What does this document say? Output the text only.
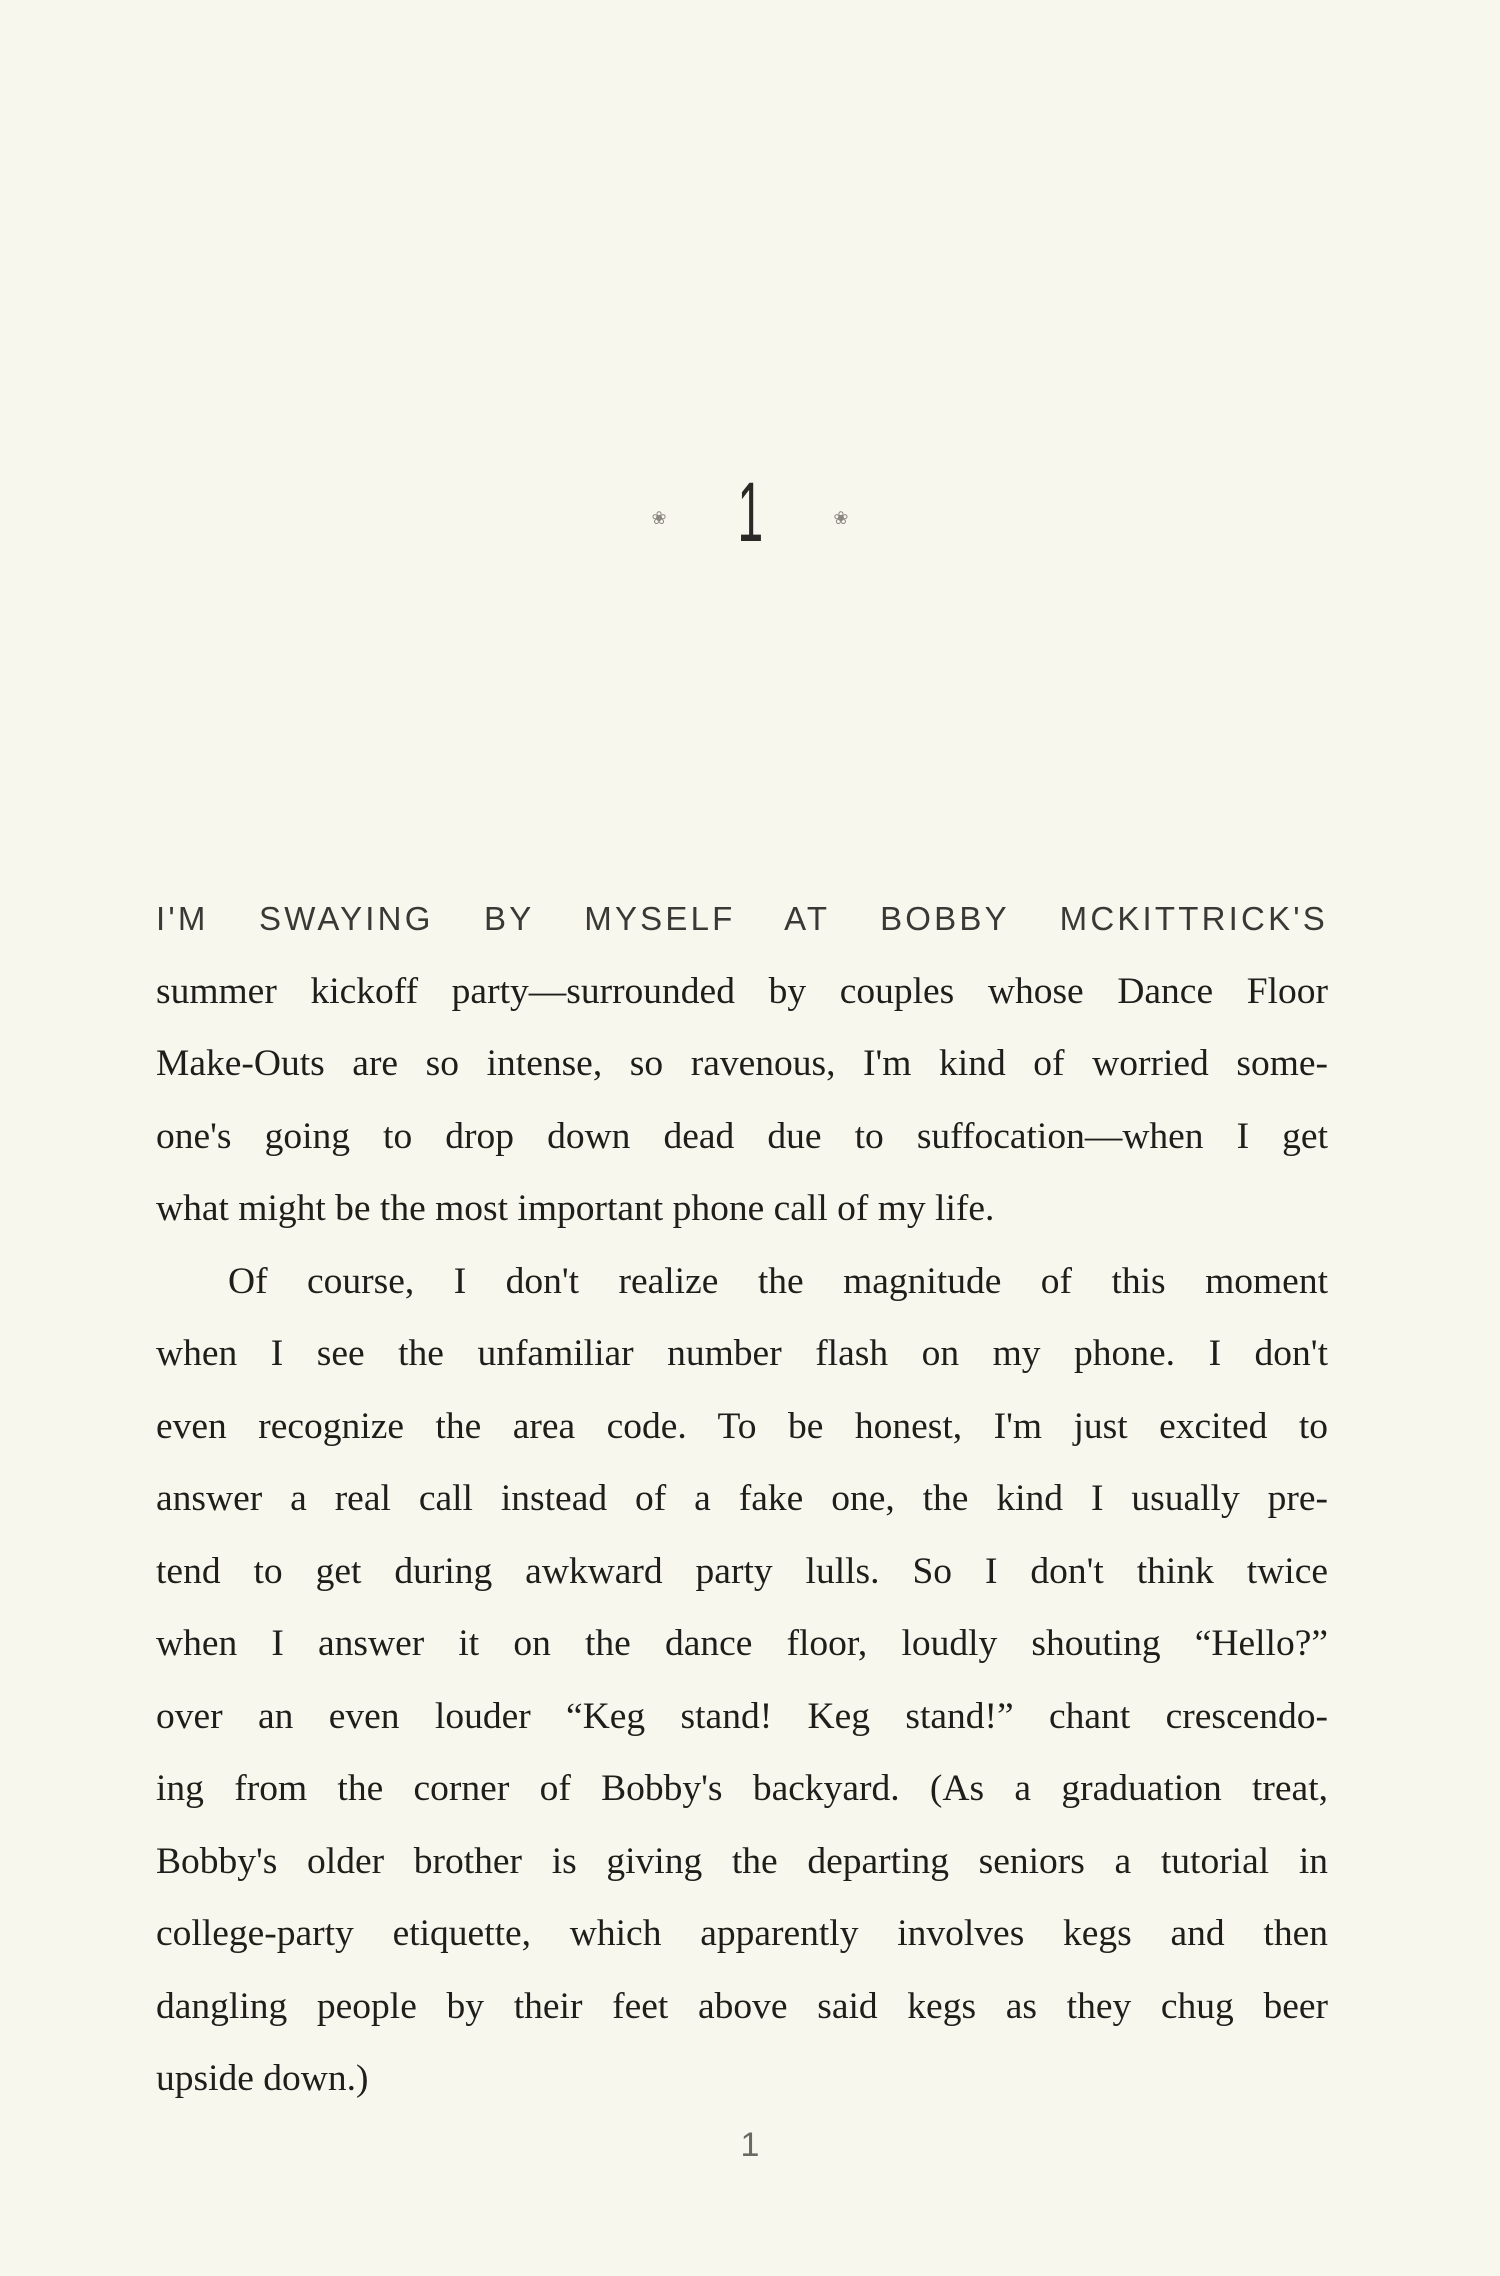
❀ 1	❀
I'M SWAYING BY MYSELF AT BOBBY MCKITTRICK'S
summer kickoff party—surrounded by couples whose Dance Floor
Make-Outs are so intense, so ravenous, I'm kind of worried some-
one's going to drop down dead due to suffocation—when I get
what might be the most important phone call of my life.
Of course, I don't realize the magnitude of this moment
when I see the unfamiliar number flash on my phone. I don't
even recognize the area code. To be honest, I'm just excited to
answer a real call instead of a fake one, the kind I usually pre-
tend to get during awkward party lulls. So I don't think twice
when I answer it on the dance floor, loudly shouting “Hello?”
over an even louder “Keg stand! Keg stand!” chant crescendo-
ing from the corner of Bobby's backyard. (As a graduation treat,
Bobby's older brother is giving the departing seniors a tutorial in
college-party etiquette, which apparently involves kegs and then
dangling people by their feet above said kegs as they chug beer
upside down.)
1
